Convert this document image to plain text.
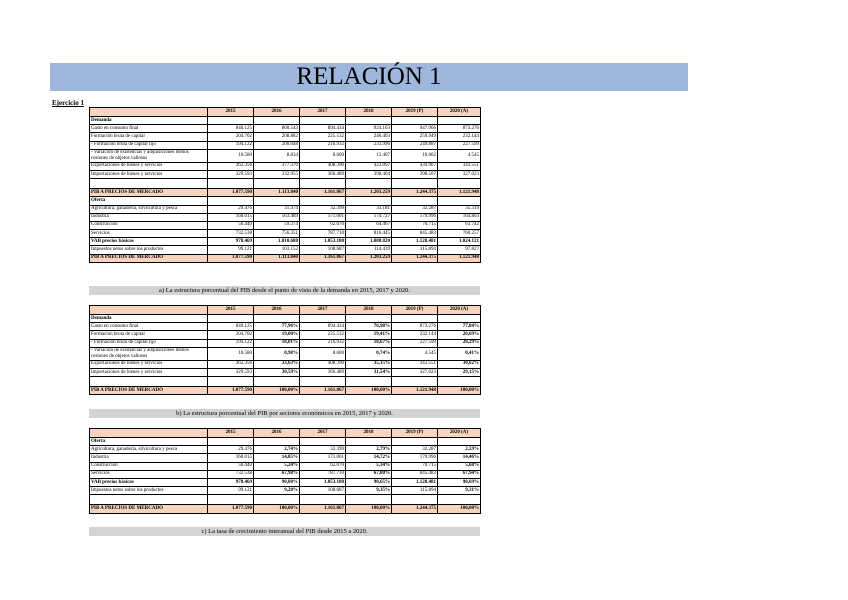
RELACIÓN 1
Ejercicio 1
	2015	2016	2017	2018	2019 (P)	2020 (A)
Demanda						
Gasto en consumo final	840.125	860.543	894.434	924.163	947.966	873.276
Formación bruta de capital	204.702	208.882	225.532	246.403	259.949	232.144
- Formación bruta de capital fijo	194.122	200.048	216.932	233.996	249.887	227.599
- Variación de existencias y adquisiciones menos cesiones de objetos valiosos	10.580	8.834	8.600	12.407	10.062	4.545
Exportaciones de bienes y servicios	362.356	377.370	408.390	423.097	434.967	343.551
Importaciones de bienes y servicios	329.593	332.955	366.489	390.404	398.507	327.023

PIB A PRECIOS DE MERCADO	1.077.590	1.113.840	1.161.867	1.203.259	1.244.375	1.121.948
Oferta						
Agricultura, ganadería, silvicultura y pesca	29.476	31.474	32.399	33.181	32.287	35.319
Industria	160.015	163.489	171.001	174.727	179.996	164.803
Construcción	56.440	59.374	62.070	64.467	70.715	63.742
Servicios	732.538	756.351	787.710	816.445	845.483	760.257
VAB precios básicos	978.469	1.010.688	1.053.180	1.088.820	1.128.481	1.024.121
Impuestos netos sobre los productos	99.121	103.152	108.687	114.439	115.894	97.827
PIB A PRECIOS DE MERCADO	1.077.590	1.113.840	1.161.867	1.203.259	1.244.375	1.121.948
a) La estructura porcentual del PIB desde el punto de vista de la demanda en 2015, 2017 y 2020.
	2015	2016	2017	2018	2019 (P)	2020 (A)
Demanda						
Gasto en consumo final	840.125	77,96%	894.434	76,98%	873.276	77,84%
Formación bruta de capital	204.702	19,00%	225.532	19,41%	232.144	20,69%
- Formación bruta de capital fijo	194.122	18,01%	216.932	18,67%	227.599	20,29%
- Variación de existencias y adquisiciones menos cesiones de objetos valiosos	10.580	0,98%	8.600	0,74%	4.545	0,41%
Exportaciones de bienes y servicios	362.356	33,63%	408.390	35,15%	343.551	30,62%
Importaciones de bienes y servicios	329.593	30,59%	366.489	31,54%	327.023	29,15%

PIB A PRECIOS DE MERCADO	1.077.590	100,00%	1.161.867	100,00%	1.121.948	100,00%
b) La estructura porcentual del PIB por sectores económicos en 2015, 2017 y 2020.
	2015	2016	2017	2018	2019 (P)	2020 (A)
Oferta						
Agricultura, ganadería, silvicultura y pesca	29.476	2,74%	32.399	2,79%	32.287	2,59%
Industria	160.015	14,85%	171.001	14,72%	179.996	14,46%
Construcción	56.440	5,24%	62.070	5,34%	70.715	5,68%
Servicios	732.538	67,98%	787.710	67,80%	845.483	67,94%
VAB precios básicos	978.469	90,80%	1.053.180	90,65%	1.128.481	90,69%
Impuestos netos sobre los productos	99.121	9,20%	108.687	9,35%	115.894	9,31%

PIB A PRECIOS DE MERCADO	1.077.590	100,00%	1.161.867	100,00%	1.244.375	100,00%
c) La tasa de crecimiento interanual del PIB desde 2015 a 2020.
